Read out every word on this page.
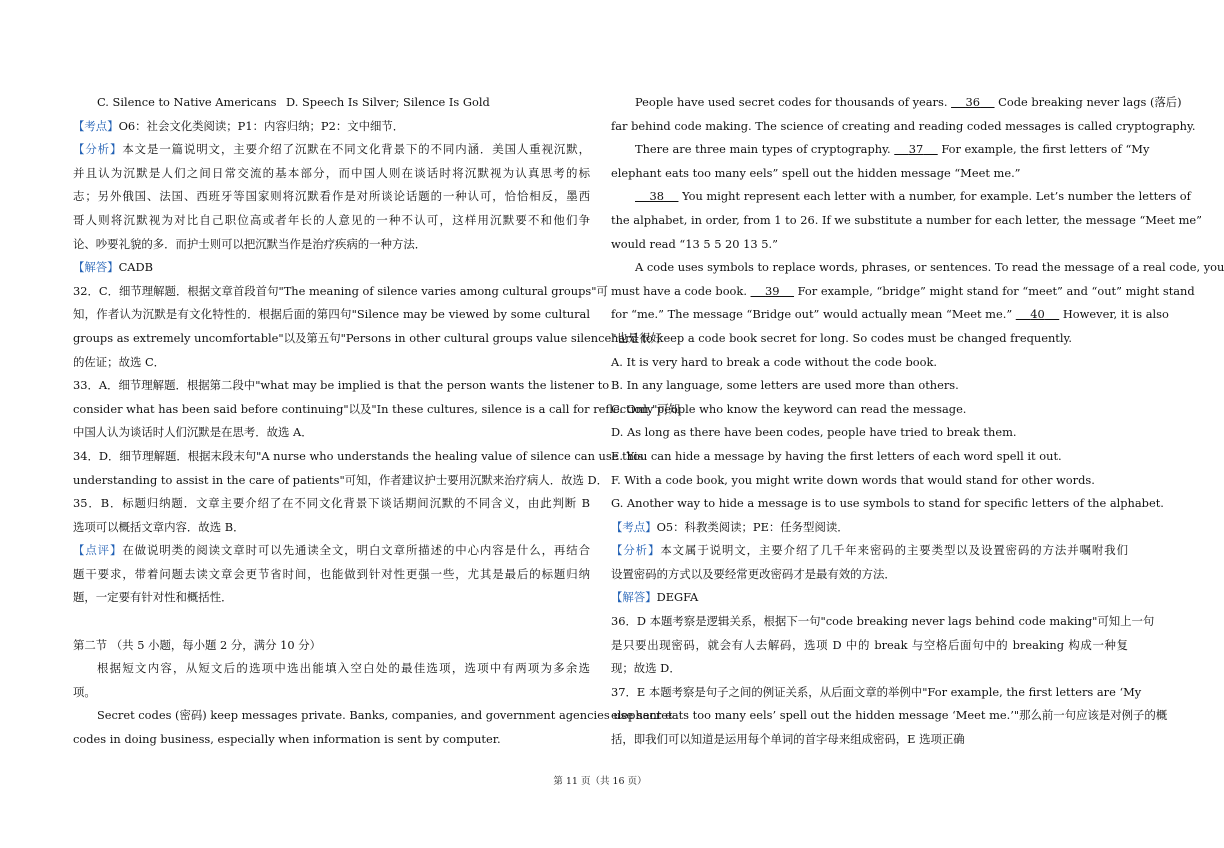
C. Silence to Native Americans D. Speech Is Silver; Silence Is Gold
【考点】O6：社会文化类阅读；P1：内容归纳；P2：文中细节．
【分析】本文是一篇说明文，主要介绍了沉默在不同文化背景下的不同内涵．美国人重视沉默，
并且认为沉默是人们之间日常交流的基本部分，而中国人则在谈话时将沉默视为认真思考的标
志；另外俄国、法国、西班牙等国家则将沉默看作是对所谈论话题的一种认可，恰恰相反，墨西
哥人则将沉默视为对比自己职位高或者年长的人意见的一种不认可，这样用沉默要不和他们争
论、吵要礼貌的多．而护士则可以把沉默当作是治疗疾病的一种方法．
【解答】CADB
32．C．细节理解题．根据文章首段首句"The meaning of silence varies among cultural groups"可
知，作者认为沉默是有文化特性的．根据后面的第四句"Silence may be viewed by some cultural
groups as extremely uncomfortable"以及第五句"Persons in other cultural groups value silence"也是很好
的佐证；故选 C．
33．A．细节理解题．根据第二段中"what may be implied is that the person wants the listener to
consider what has been said before continuing"以及"In these cultures, silence is a call for reflection."可知
中国人认为谈话时人们沉默是在思考．故选 A．
34．D．细节理解题．根据末段末句"A nurse who understands the healing value of silence can use this
understanding to assist in the care of patients"可知，作者建议护士要用沉默来治疗病人．故选 D．
35．B．标题归纳题．文章主要介绍了在不同文化背景下谈话期间沉默的不同含义，由此判断 B
选项可以概括文章内容．故选 B．
【点评】在做说明类的阅读文章时可以先通读全文，明白文章所描述的中心内容是什么，再结合
题干要求，带着问题去读文章会更节省时间，也能做到针对性更强一些，尤其是最后的标题归纳
题，一定要有针对性和概括性．
第二节 （共 5 小题，每小题 2 分，满分 10 分）
根据短文内容，从短文后的选项中选出能填入空白处的最佳选项，选项中有两项为多余选
项。
Secret codes (密码) keep messages private. Banks, companies, and government agencies use secret
codes in doing business, especially when information is sent by computer.
People have used secret codes for thousands of years.     36     Code breaking never lags (落后)
far behind code making. The science of creating and reading coded messages is called cryptography.
There are three main types of cryptography.     37     For example, the first letters of “My
elephant eats too many eels” spell out the hidden message “Meet me.”
38     You might represent each letter with a number, for example. Let’s number the letters of
the alphabet, in order, from 1 to 26. If we substitute a number for each letter, the message “Meet me”
would read “13 5 5 20 13 5.”
A code uses symbols to replace words, phrases, or sentences. To read the message of a real code, you
must have a code book.     39     For example, “bridge” might stand for “meet” and “out” might stand
for “me.” The message “Bridge out” would actually mean “Meet me.”     40     However, it is also
hard to keep a code book secret for long. So codes must be changed frequently.
A. It is very hard to break a code without the code book.
B. In any language, some letters are used more than others.
C. Only people who know the keyword can read the message.
D. As long as there have been codes, people have tried to break them.
E. You can hide a message by having the first letters of each word spell it out.
F. With a code book, you might write down words that would stand for other words.
G. Another way to hide a message is to use symbols to stand for specific letters of the alphabet.
【考点】O5：科教类阅读；PE：任务型阅读．
【分析】本文属于说明文，主要介绍了几千年来密码的主要类型以及设置密码的方法并嘱咐我们
设置密码的方式以及要经常更改密码才是最有效的方法．
【解答】DEGFA
36．D 本题考察是逻辑关系，根据下一句"code breaking never lags behind code making"可知上一句
是只要出现密码，就会有人去解码，选项 D 中的 break 与空格后面句中的 breaking 构成一种复
现；故选 D．
37．E 本题考察是句子之间的例证关系，从后面文章的举例中"For example, the first letters are ‘My
elephant eats too many eels’ spell out the hidden message ‘Meet me.’"那么前一句应该是对例子的概
括，即我们可以知道是运用每个单词的首字母来组成密码，E 选项正确
第 11 页（共 16 页）
